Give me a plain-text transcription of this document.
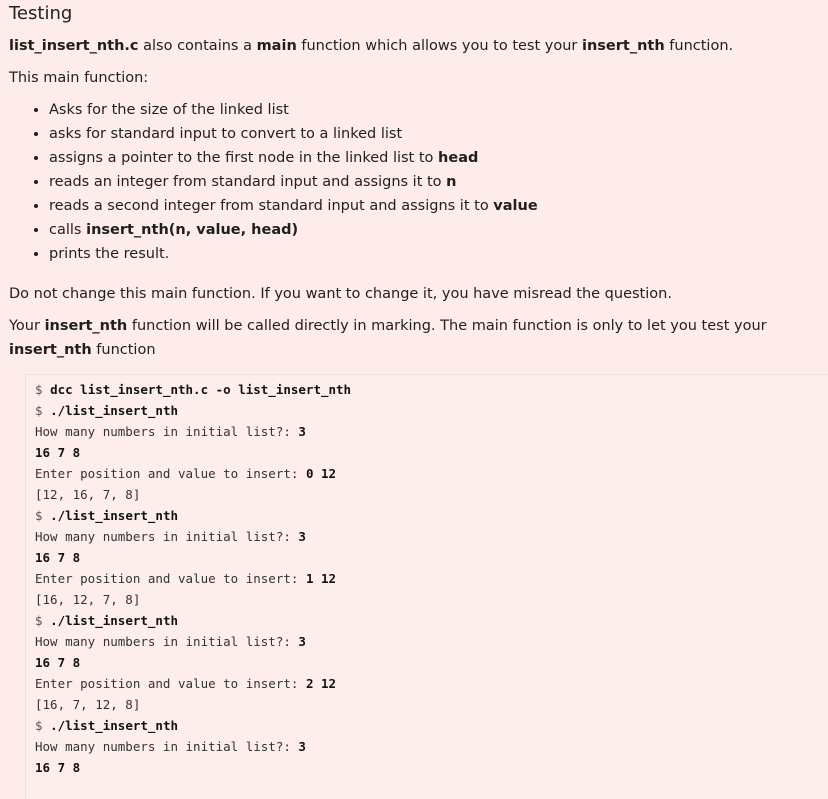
Testing

list_insert_nth.c also contains a main function which allows you to test your insert_nth function.

This main function:

• Asks for the size of the linked list
• asks for standard input to convert to a linked list
• assigns a pointer to the first node in the linked list to head
• reads an integer from standard input and assigns it to n
• reads a second integer from standard input and assigns it to value
• calls insert_nth(n, value, head)
• prints the result.

Do not change this main function. If you want to change it, you have misread the question.

Your insert_nth function will be called directly in marking. The main function is only to let you test your insert_nth function

$ dcc list_insert_nth.c -o list_insert_nth
$ ./list_insert_nth
How many numbers in initial list?: 3
16 7 8
Enter position and value to insert: 0 12
[12, 16, 7, 8]
$ ./list_insert_nth
How many numbers in initial list?: 3
16 7 8
Enter position and value to insert: 1 12
[16, 12, 7, 8]
$ ./list_insert_nth
How many numbers in initial list?: 3
16 7 8
Enter position and value to insert: 2 12
[16, 7, 12, 8]
$ ./list_insert_nth
How many numbers in initial list?: 3
16 7 8
